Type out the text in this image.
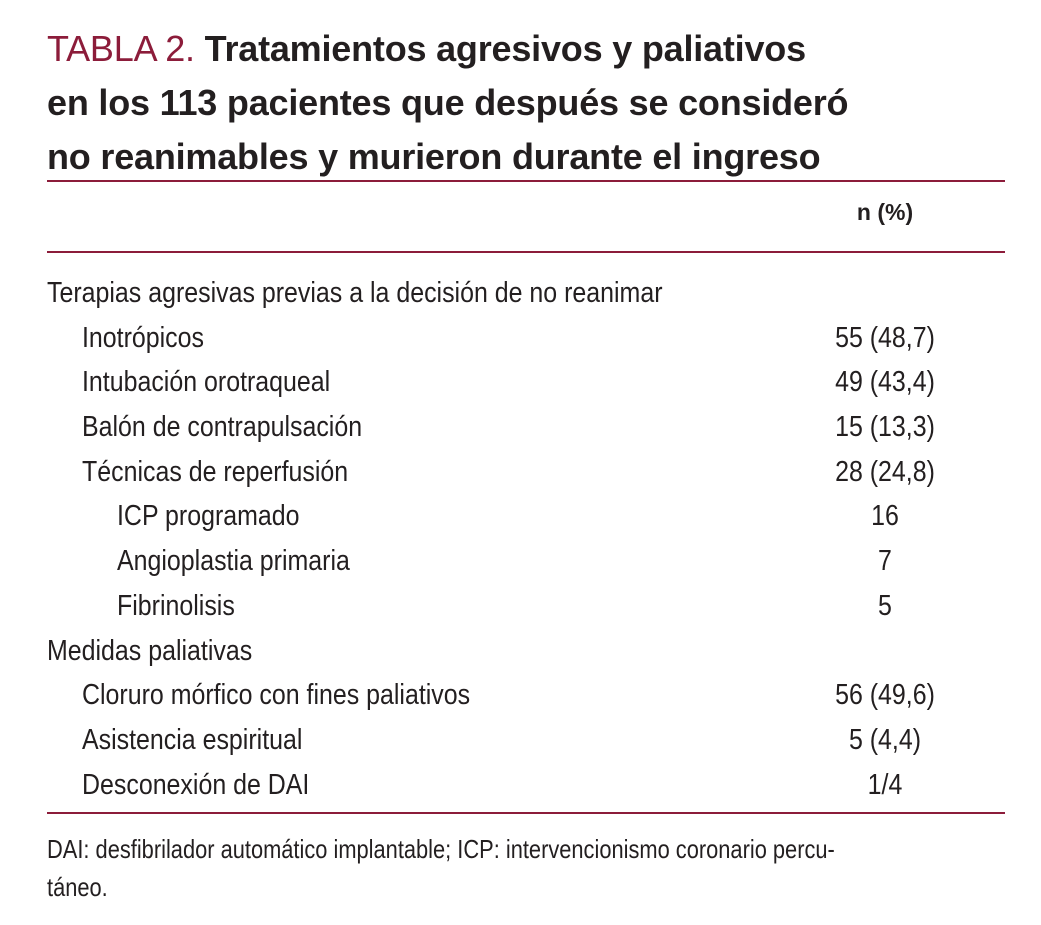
TABLA 2. Tratamientos agresivos y paliativos
en los 113 pacientes que después se consideró
no reanimables y murieron durante el ingreso
n (%)
Terapias agresivas previas a la decisión de no reanimar
Inotrópicos	55 (48,7)
Intubación orotraqueal	49 (43,4)
Balón de contrapulsación	15 (13,3)
Técnicas de reperfusión	28 (24,8)
ICP programado	16
Angioplastia primaria	7
Fibrinolisis	5
Medidas paliativas
Cloruro mórfico con fines paliativos	56 (49,6)
Asistencia espiritual	5 (4,4)
Desconexión de DAI	1/4
DAI: desfibrilador automático implantable; ICP: intervencionismo coronario percu-
táneo.
